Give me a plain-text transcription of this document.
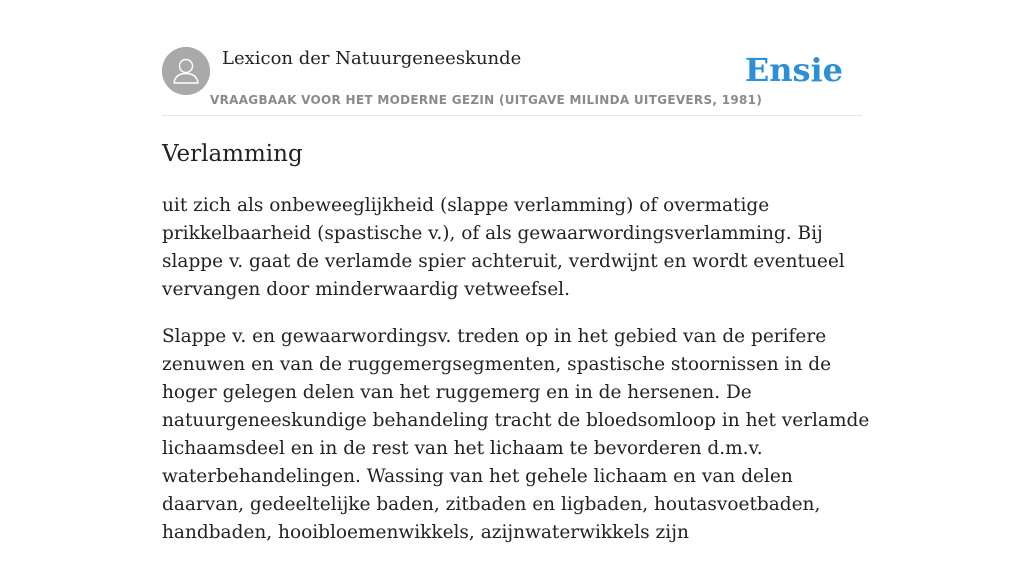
Lexicon der Natuurgeneeskunde
VRAAGBAAK VOOR HET MODERNE GEZIN (UITGAVE MILINDA UITGEVERS, 1981)
Ensie
Verlamming

uit zich als onbeweeglijkheid (slappe verlamming) of overmatige prikkelbaarheid (spastische v.), of als gewaarwordingsverlamming. Bij slappe v. gaat de verlamde spier achteruit, verdwijnt en wordt eventueel vervangen door minderwaardig vetweefsel.

Slappe v. en gewaarwordingsv. treden op in het gebied van de perifere zenuwen en van de ruggemergsegmenten, spastische stoornissen in de hoger gelegen delen van het ruggemerg en in de hersenen. De natuurgeneeskundige behandeling tracht de bloedsomloop in het verlamde lichaamsdeel en in de rest van het lichaam te bevorderen d.m.v. waterbehandelingen. Wassing van het gehele lichaam en van delen daarvan, gedeeltelijke baden, zitbaden en ligbaden, houtasvoetbaden, handbaden, hooibloemenwikkels, azijnwaterwikkels zijn
